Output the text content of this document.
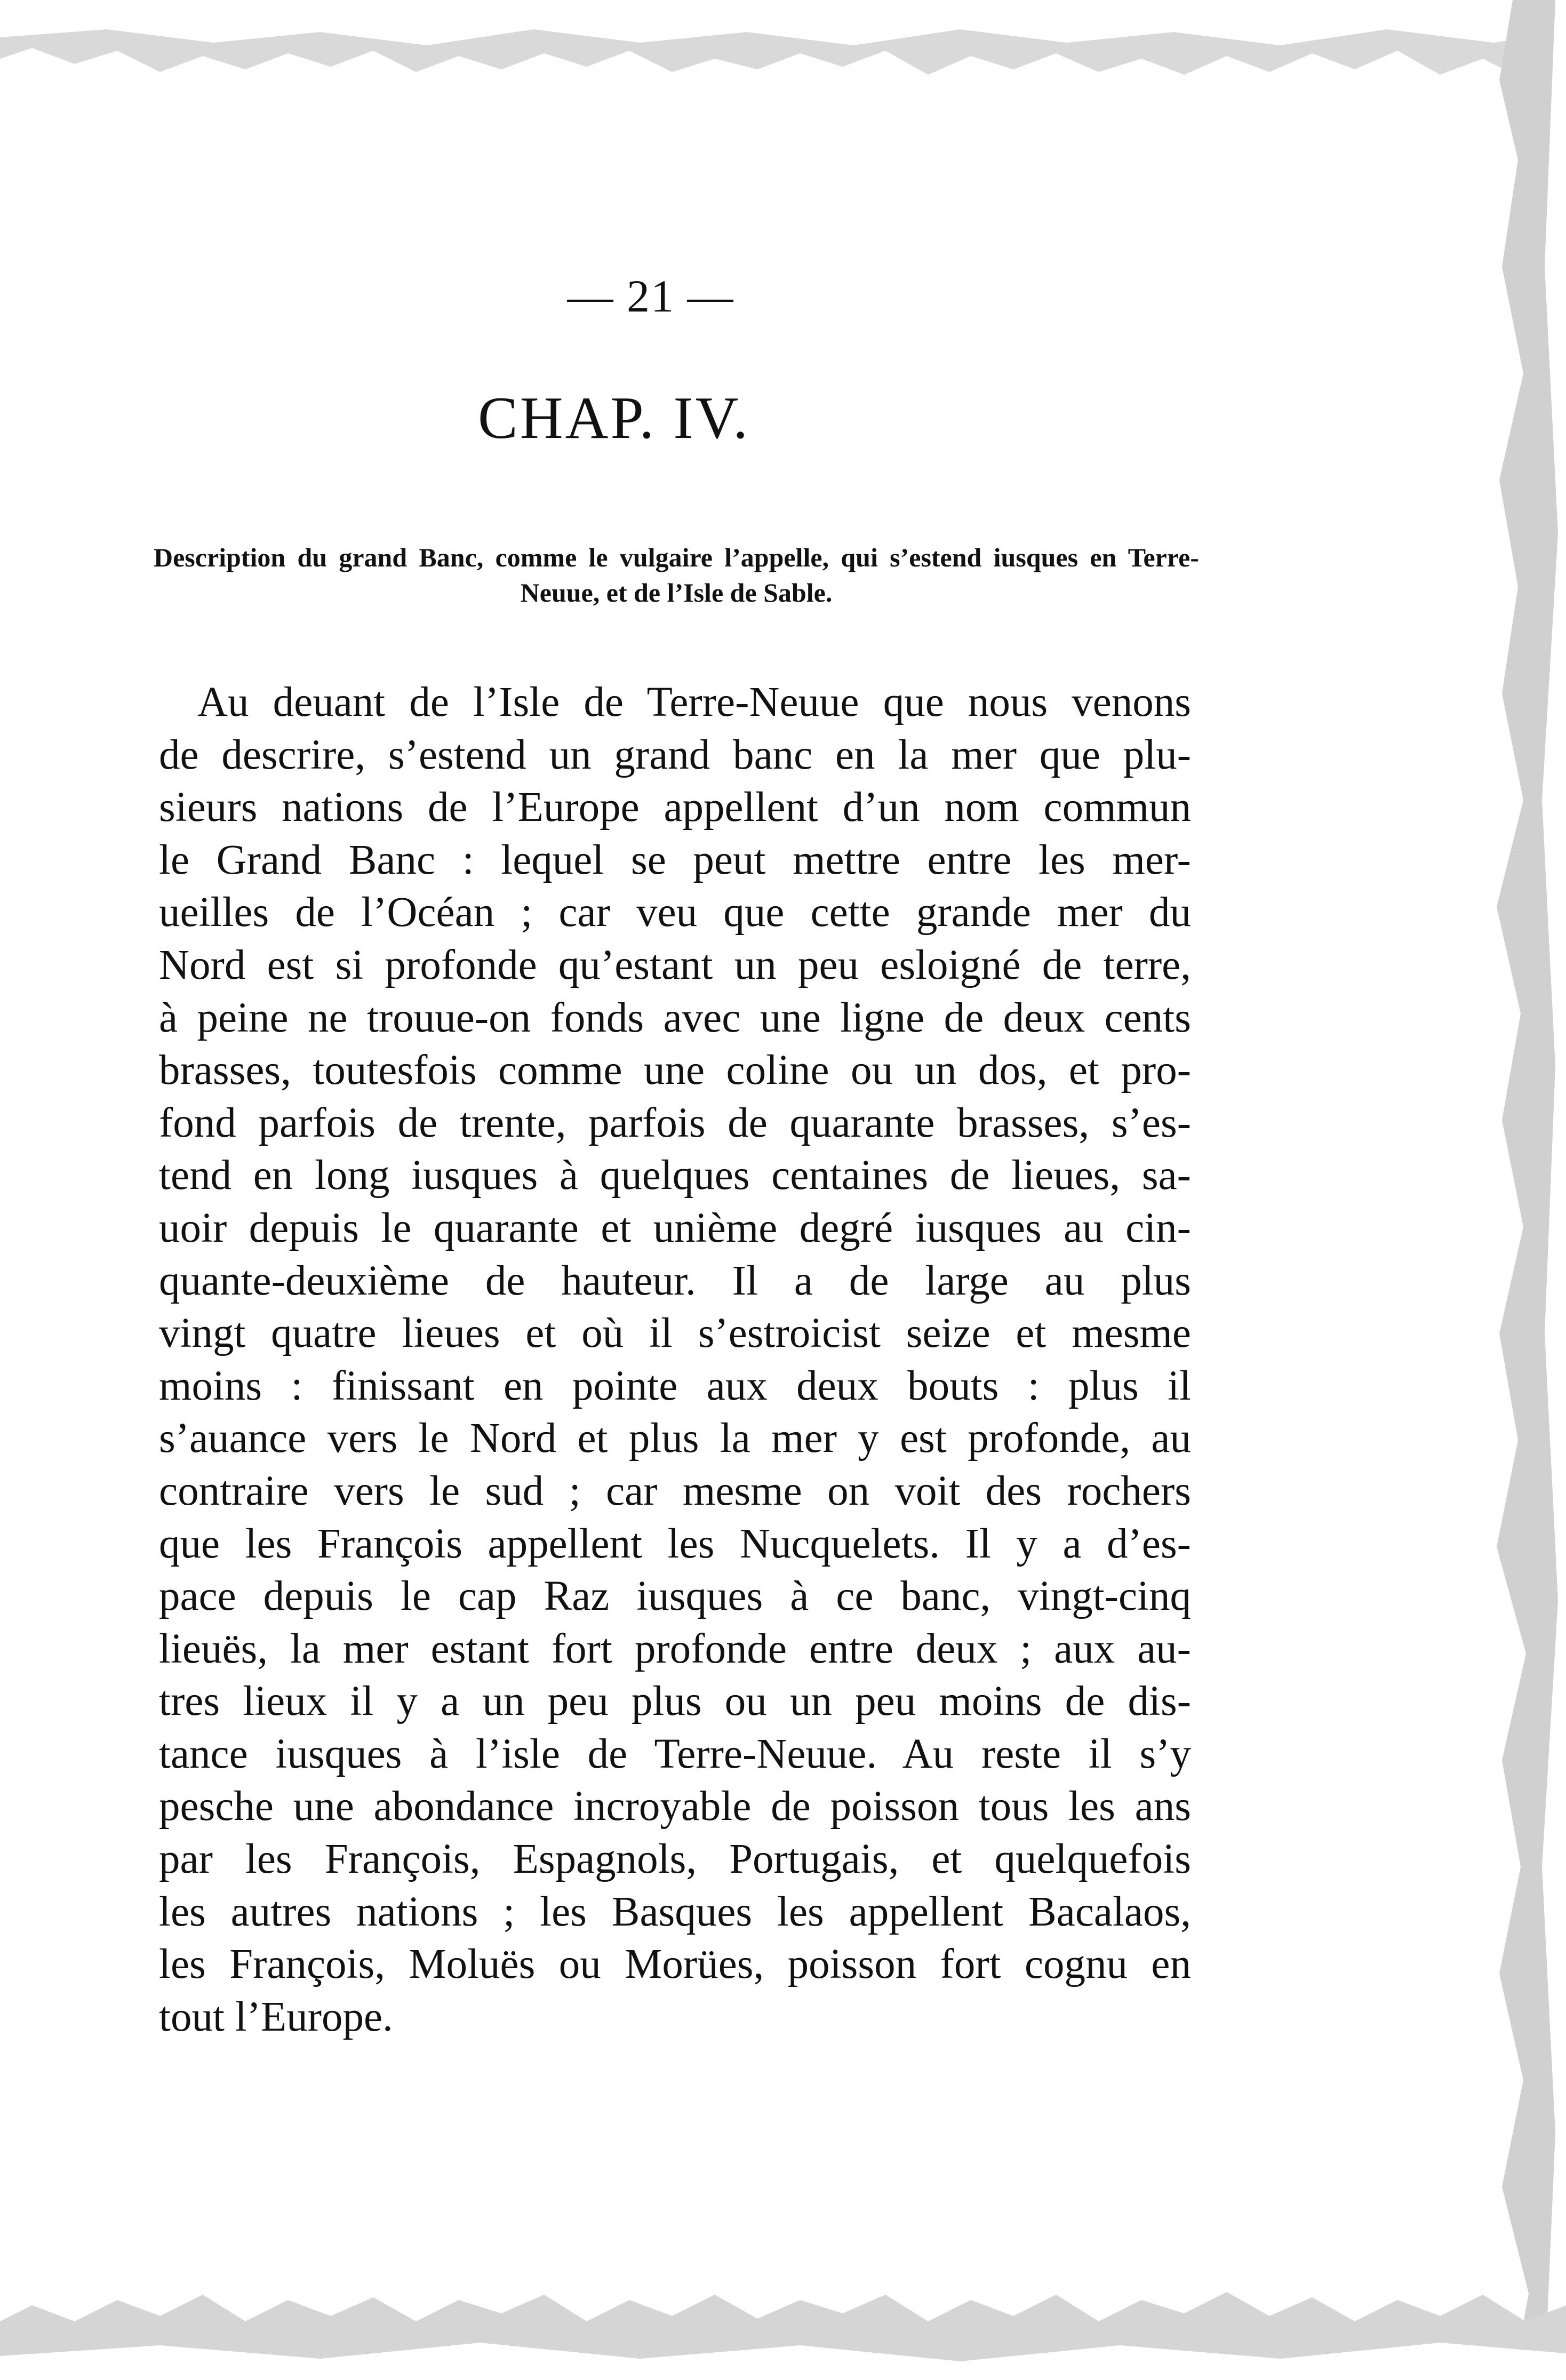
— 21 —
CHAP. IV.
Description du grand Banc, comme le vulgaire l’appelle, qui s’estend iusques en Terre-Neuue, et de l’Isle de Sable.
Au deuant de l’Isle de Terre-Neuue que nous venons
de descrire, s’estend un grand banc en la mer que plu-
sieurs nations de l’Europe appellent d’un nom commun
le Grand Banc : lequel se peut mettre entre les mer-
ueilles de l’Océan ; car veu que cette grande mer du
Nord est si profonde qu’estant un peu esloigné de terre,
à peine ne trouue-on fonds avec une ligne de deux cents
brasses, toutesfois comme une coline ou un dos, et pro-
fond parfois de trente, parfois de quarante brasses, s’es-
tend en long iusques à quelques centaines de lieues, sa-
uoir depuis le quarante et unième degré iusques au cin-
quante-deuxième de hauteur. Il a de large au plus
vingt quatre lieues et où il s’estroicist seize et mesme
moins : finissant en pointe aux deux bouts : plus il
s’auance vers le Nord et plus la mer y est profonde, au
contraire vers le sud ; car mesme on voit des rochers
que les François appellent les Nucquelets. Il y a d’es-
pace depuis le cap Raz iusques à ce banc, vingt-cinq
lieuës, la mer estant fort profonde entre deux ; aux au-
tres lieux il y a un peu plus ou un peu moins de dis-
tance iusques à l’isle de Terre-Neuue. Au reste il s’y
pesche une abondance incroyable de poisson tous les ans
par les François, Espagnols, Portugais, et quelquefois
les autres nations ; les Basques les appellent Bacalaos,
les François, Moluës ou Morües, poisson fort cognu en
tout l’Europe.
